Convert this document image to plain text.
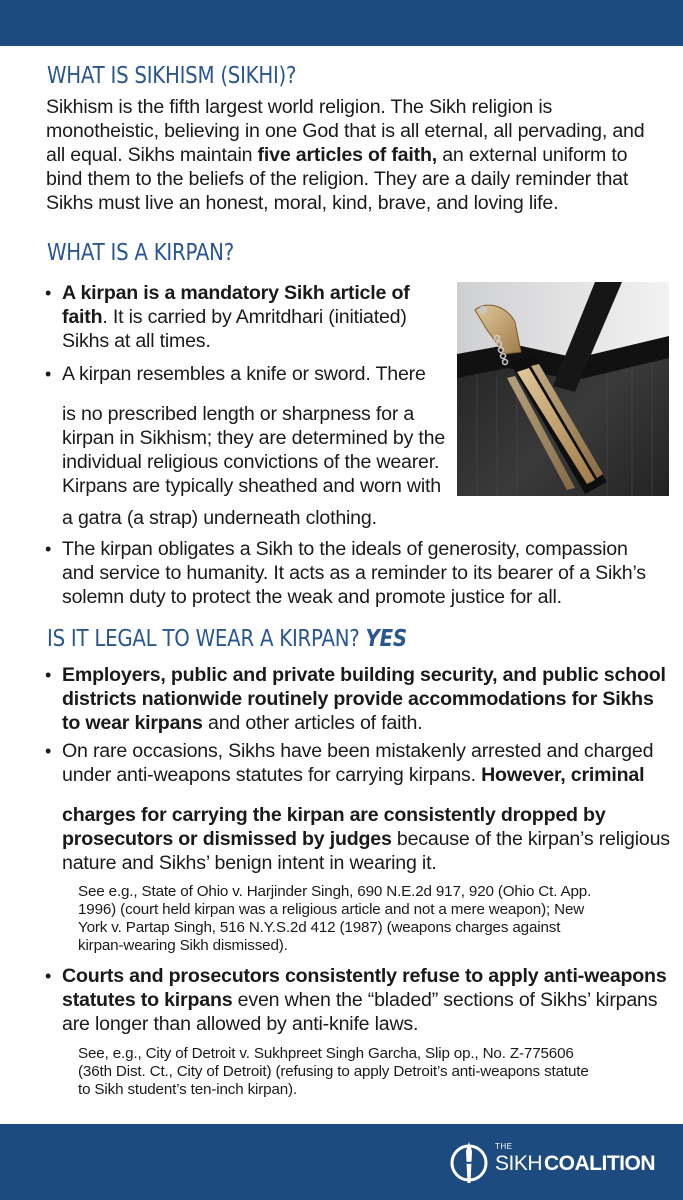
WHAT IS SIKHISM (SIKHI)?

Sikhism is the fifth largest world religion. The Sikh religion is

monotheistic, believing in one God that is all eternal, all pervading, and

all equal. Sikhs maintain five articles of faith, an external uniform to

bind them to the beliefs of the religion. They are a daily reminder that

Sikhs must live an honest, moral, kind, brave, and loving life.

WHAT IS A KIRPAN?
• A kirpan is a mandatory Sikh article of

faith. It is carried by Amritdhari (initiated)

Sikhs at all times.

• A kirpan resembles a knife or sword. There

is no prescribed length or sharpness for a

kirpan in Sikhism; they are determined by the

individual religious convictions of the wearer.

Kirpans are typically sheathed and worn with

a gatra (a strap) underneath clothing.

• The kirpan obligates a Sikh to the ideals of generosity, compassion

and service to humanity. It acts as a reminder to its bearer of a Sikh’s

solemn duty to protect the weak and promote justice for all.

IS IT LEGAL TO WEAR A KIRPAN? YES
• Employers, public and private building security, and public school

districts nationwide routinely provide accommodations for Sikhs

to wear kirpans and other articles of faith.

• On rare occasions, Sikhs have been mistakenly arrested and charged

under anti-weapons statutes for carrying kirpans. However, criminal

charges for carrying the kirpan are consistently dropped by

prosecutors or dismissed by judges because of the kirpan’s religious

nature and Sikhs’ benign intent in wearing it.

See e.g., State of Ohio v. Harjinder Singh, 690 N.E.2d 917, 920 (Ohio Ct. App.

1996) (court held kirpan was a religious article and not a mere weapon); New

York v. Partap Singh, 516 N.Y.S.2d 412 (1987) (weapons charges against

kirpan-wearing Sikh dismissed).

• Courts and prosecutors consistently refuse to apply anti-weapons

statutes to kirpans even when the “bladed” sections of Sikhs’ kirpans

are longer than allowed by anti-knife laws.

See, e.g., City of Detroit v. Sukhpreet Singh Garcha, Slip op., No. Z-775606

(36th Dist. Ct., City of Detroit) (refusing to apply Detroit’s anti-weapons statute

to Sikh student’s ten-inch kirpan).

THE
SIKH COALITION
